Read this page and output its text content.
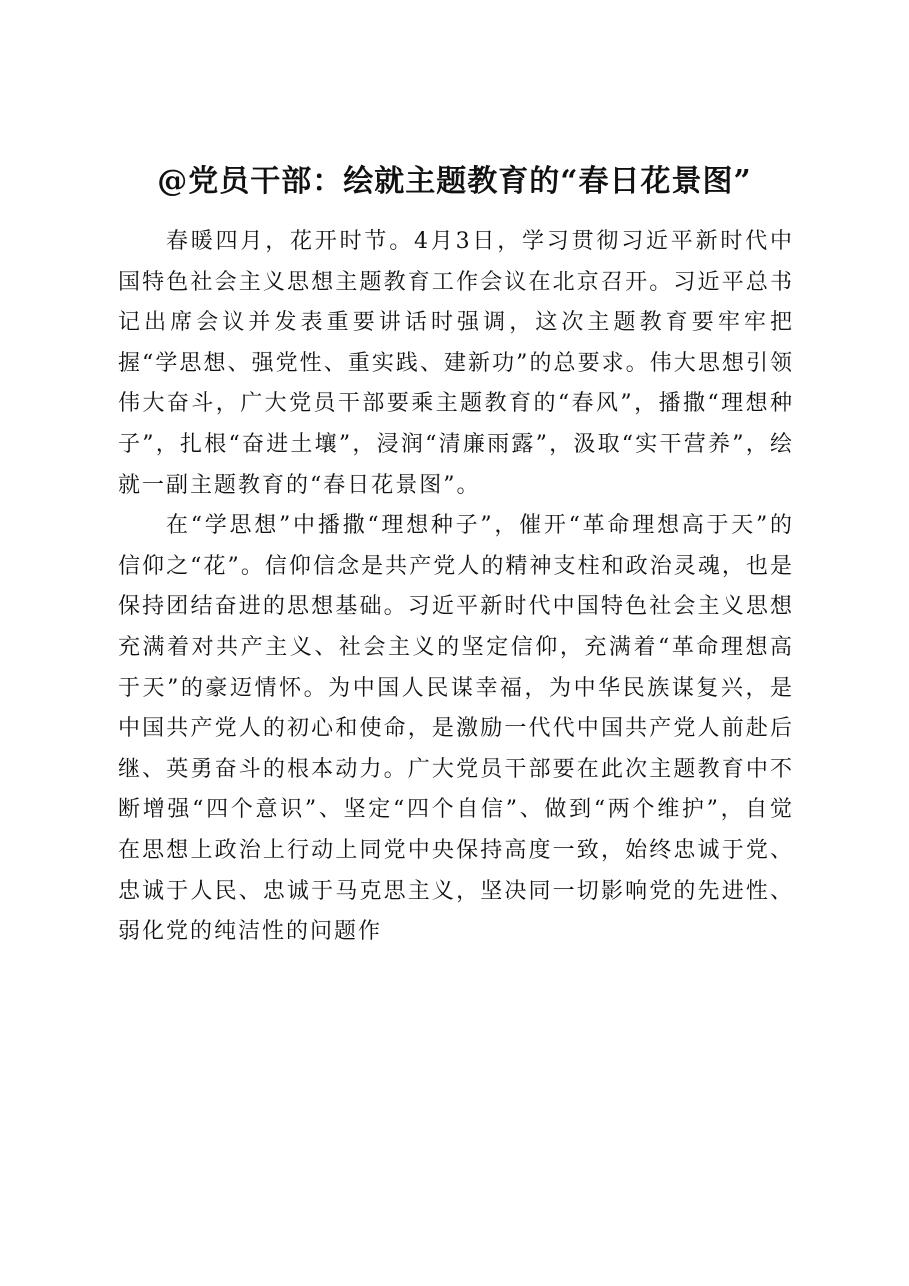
@党员干部：绘就主题教育的“春日花景图”

春暖四月，花开时节。4月3日，学习贯彻习近平新时代中国特色社会主义思想主题教育工作会议在北京召开。习近平总书记出席会议并发表重要讲话时强调，这次主题教育要牢牢把握“学思想、强党性、重实践、建新功”的总要求。伟大思想引领伟大奋斗，广大党员干部要乘主题教育的“春风”，播撒“理想种子”，扎根“奋进土壤”，浸润“清廉雨露”，汲取“实干营养”，绘就一副主题教育的“春日花景图”。

在“学思想”中播撒“理想种子”，催开“革命理想高于天”的信仰之“花”。信仰信念是共产党人的精神支柱和政治灵魂，也是保持团结奋进的思想基础。习近平新时代中国特色社会主义思想充满着对共产主义、社会主义的坚定信仰，充满着“革命理想高于天”的豪迈情怀。为中国人民谋幸福，为中华民族谋复兴，是中国共产党人的初心和使命，是激励一代代中国共产党人前赴后继、英勇奋斗的根本动力。广大党员干部要在此次主题教育中不断增强“四个意识”、坚定“四个自信”、做到“两个维护”，自觉在思想上政治上行动上同党中央保持高度一致，始终忠诚于党、忠诚于人民、忠诚于马克思主义，坚决同一切影响党的先进性、弱化党的纯洁性的问题作
